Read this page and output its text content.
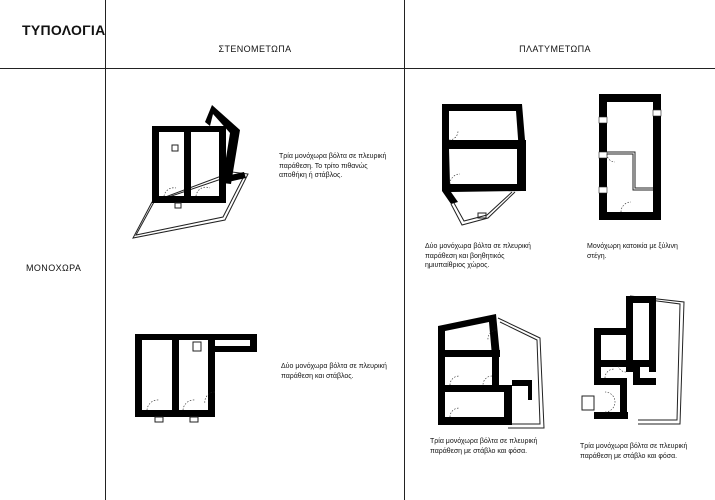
ΤΥΠΟΛΟΓΙΑ
ΣΤΕΝΟΜΕΤΩΠΑ	ΠΛΑΤΥΜΕΤΩΠΑ
ΜΟΝΟΧΩΡΑ
Τρία μονόχωρα βόλτα σε πλευρική παράθεση. Το τρίτο πιθανώς αποθήκη ή στάβλος.
Δύο μονόχωρα βόλτα σε πλευρική παράθεση και στάβλος.
Δύο μονόχωρα βόλτα σε πλευρική παράθεση και βοηθητικός ημιυπαίθριος χώρος.
Μονόχωρη κατοικία με ξύλινη στέγη.
Τρία μονόχωρα βόλτα σε πλευρική παράθεση με στάβλο και φόσα.
Τρία μονόχωρα βόλτα σε πλευρική παράθεση με στάβλο και φόσα.
